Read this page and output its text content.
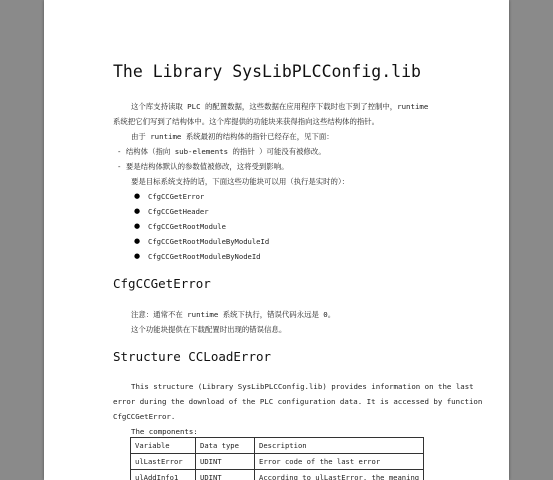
The Library SysLibPLCConfig.lib

这个库支持读取 PLC 的配置数据，这些数据在应用程序下载时也下到了控制中，runtime

系统把它们写到了结构体中。这个库提供的功能块来获得指向这些结构体的指针。

由于 runtime 系统最初的结构体的指针已经存在，见下面：

- 结构体（指向 sub-elements 的指针 ）可能没有被修改。

- 要是结构体默认的参数值被修改，这将受到影响。

要是目标系统支持的话，下面这些功能块可以用（执行是实时的）：

● CfgCCGetError
● CfgCCGetHeader
● CfgCCGetRootModule
● CfgCCGetRootModuleByModuleId
● CfgCCGetRootModuleByNodeId
CfgCCGetError

注意：通常不在 runtime 系统下执行，错误代码永远是 0。

这个功能块提供在下载配置时出现的错误信息。

Structure CCLoadError

This structure (Library SysLibPLCConfig.lib) provides information on the last

error during the download of the PLC configuration data. It is accessed by function

CfgCCGetError.

The components:

Variable	Data type	Description
ulLastError	UDINT	Error code of the last error
ulAddInfo1	UDINT	According to ulLastError, the meaning
